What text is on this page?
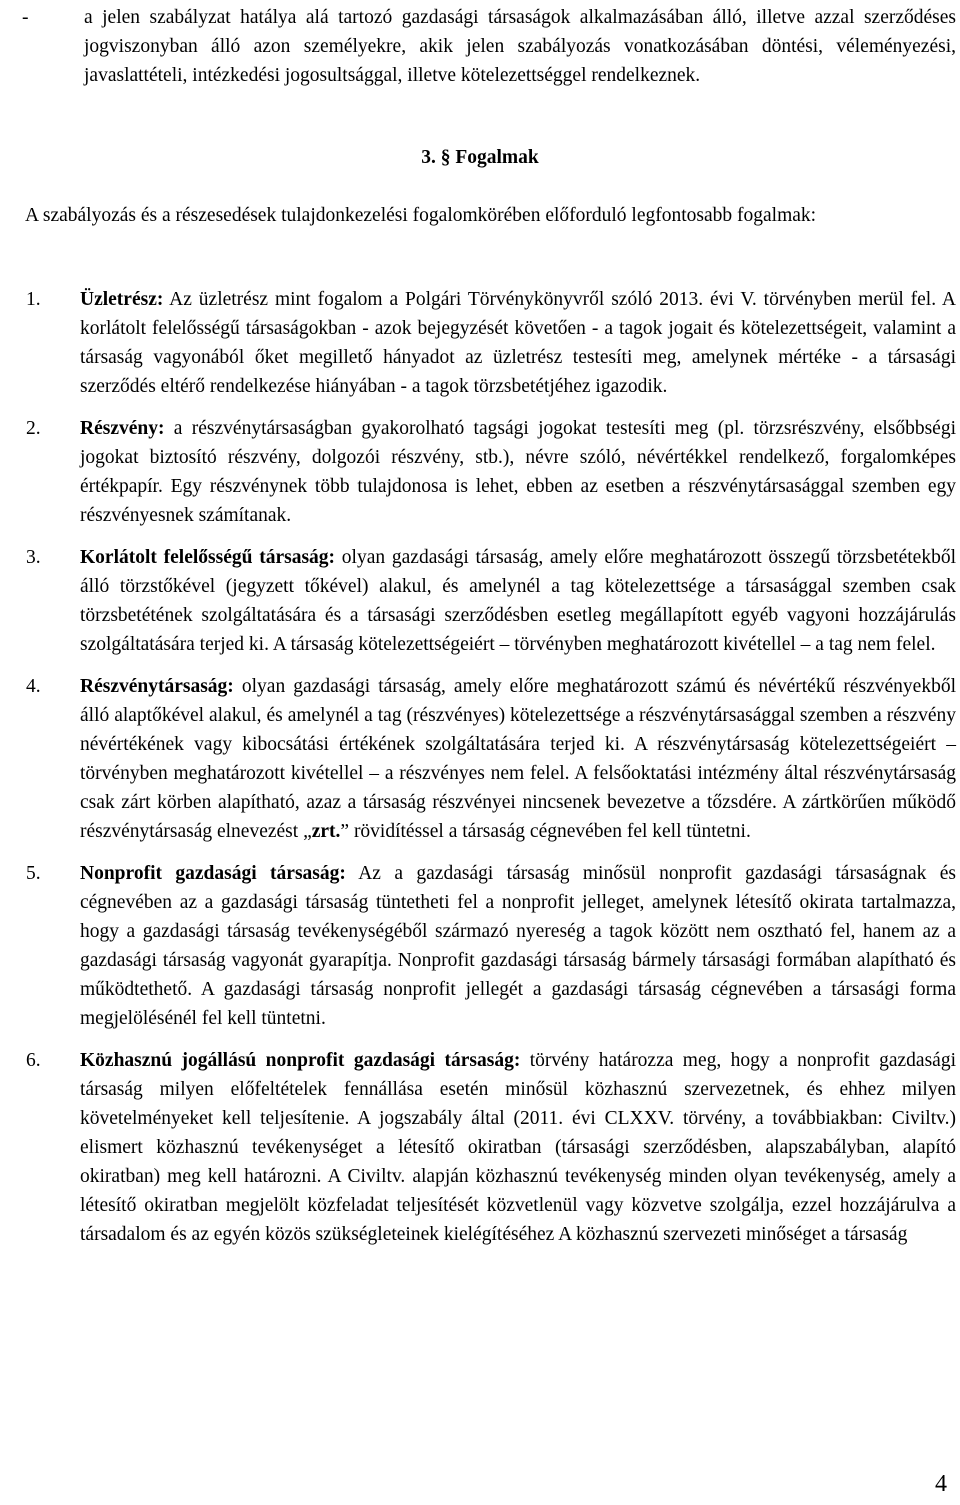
-	a jelen szabályzat hatálya alá tartozó gazdasági társaságok alkalmazásában álló, illetve azzal szerződéses jogviszonyban álló azon személyekre, akik jelen szabályozás vonatkozásában döntési, véleményezési, javaslattételi, intézkedési jogosultsággal, illetve kötelezettséggel rendelkeznek.
3. § Fogalmak
A szabályozás és a részesedések tulajdonkezelési fogalomkörében előforduló legfontosabb fogalmak:
1. Üzletrész: Az üzletrész mint fogalom a Polgári Törvénykönyvről szóló 2013. évi V. törvényben merül fel. A korlátolt felelősségű társaságokban - azok bejegyzését követően - a tagok jogait és kötelezettségeit, valamint a társaság vagyonából őket megillető hányadot az üzletrész testesíti meg, amelynek mértéke - a társasági szerződés eltérő rendelkezése hiányában - a tagok törzsbetétjéhez igazodik.
2. Részvény: a részvénytársaságban gyakorolható tagsági jogokat testesíti meg (pl. törzsrészvény, elsőbbségi jogokat biztosító részvény, dolgozói részvény, stb.), névre szóló, névértékkel rendelkező, forgalomképes értékpapír. Egy részvénynek több tulajdonosa is lehet, ebben az esetben a részvénytársasággal szemben egy részvényesnek számítanak.
3. Korlátolt felelősségű társaság: olyan gazdasági társaság, amely előre meghatározott összegű törzsbetétekből álló törzstőkével (jegyzett tőkével) alakul, és amelynél a tag kötelezettsége a társasággal szemben csak törzsbetétének szolgáltatására és a társasági szerződésben esetleg megállapított egyéb vagyoni hozzájárulás szolgáltatására terjed ki. A társaság kötelezettségeiért – törvényben meghatározott kivétellel – a tag nem felel.
4. Részvénytársaság: olyan gazdasági társaság, amely előre meghatározott számú és névértékű részvényekből álló alaptőkével alakul, és amelynél a tag (részvényes) kötelezettsége a részvénytársasággal szemben a részvény névértékének vagy kibocsátási értékének szolgáltatására terjed ki. A részvénytársaság kötelezettségeiért – törvényben meghatározott kivétellel – a részvényes nem felel. A felsőoktatási intézmény által részvénytársaság csak zárt körben alapítható, azaz a társaság részvényei nincsenek bevezetve a tőzsdére. A zártkörűen működő részvénytársaság elnevezést „zrt.” rövidítéssel a társaság cégnevében fel kell tüntetni.
5. Nonprofit gazdasági társaság: Az a gazdasági társaság minősül nonprofit gazdasági társaságnak és cégnevében az a gazdasági társaság tüntetheti fel a nonprofit jelleget, amelynek létesítő okirata tartalmazza, hogy a gazdasági társaság tevékenységéből származó nyereség a tagok között nem osztható fel, hanem az a gazdasági társaság vagyonát gyarapítja. Nonprofit gazdasági társaság bármely társasági formában alapítható és működtethető. A gazdasági társaság nonprofit jellegét a gazdasági társaság cégnevében a társasági forma megjelölésénél fel kell tüntetni.
6. Közhasznú jogállású nonprofit gazdasági társaság: törvény határozza meg, hogy a nonprofit gazdasági társaság milyen előfeltételek fennállása esetén minősül közhasznú szervezetnek, és ehhez milyen követelményeket kell teljesítenie. A jogszabály által (2011. évi CLXXV. törvény, a továbbiakban: Civiltv.) elismert közhasznú tevékenységet a létesítő okiratban (társasági szerződésben, alapszabályban, alapító okiratban) meg kell határozni. A Civiltv. alapján közhasznú tevékenység minden olyan tevékenység, amely a létesítő okiratban megjelölt közfeladat teljesítését közvetlenül vagy közvetve szolgálja, ezzel hozzájárulva a társadalom és az egyén közös szükségleteinek kielégítéséhez A közhasznú szervezeti minőséget a társaság
4
